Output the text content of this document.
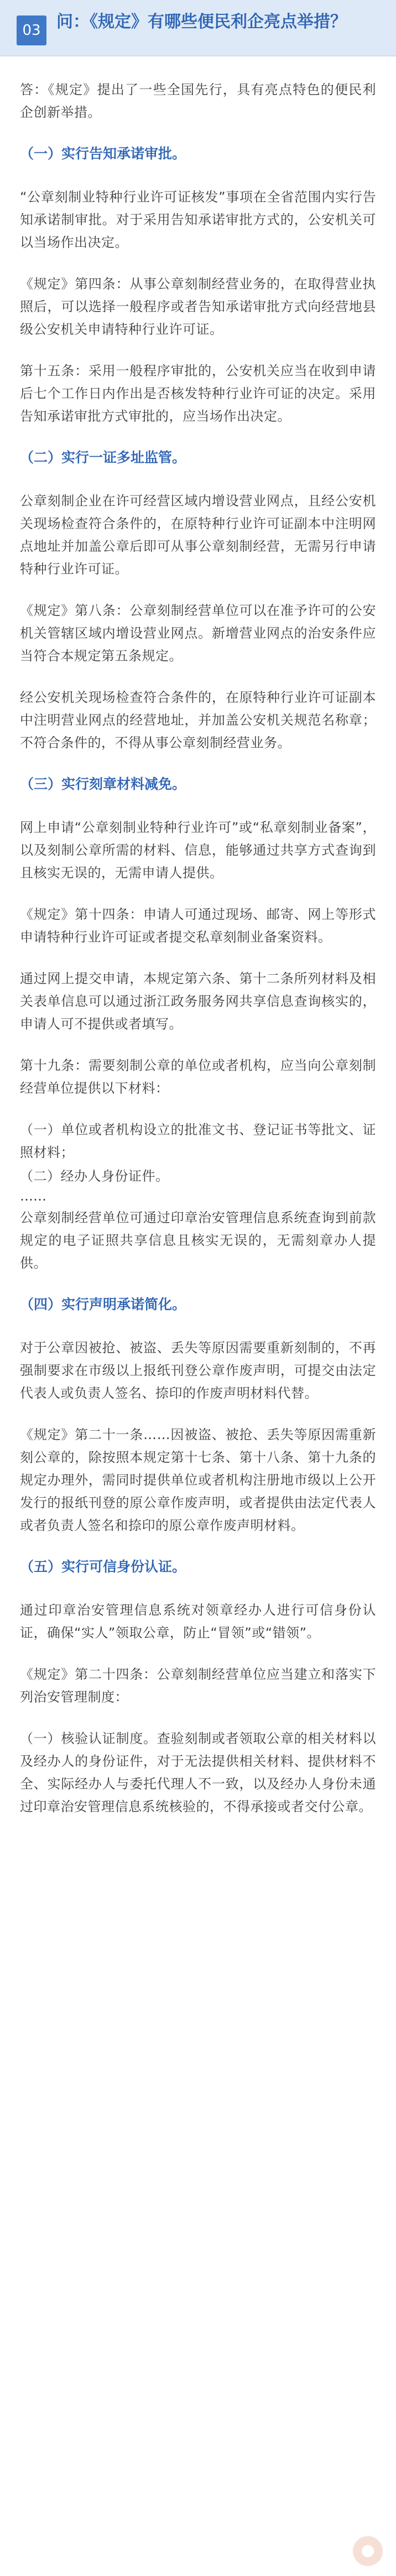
03 问：《规定》有哪些便民利企亮点举措？
答：《规定》提出了一些全国先行，具有亮点特色的便民利企创新举措。
（一）实行告知承诺审批。
“公章刻制业特种行业许可证核发”事项在全省范围内实行告知承诺制审批。对于采用告知承诺审批方式的，公安机关可以当场作出决定。
《规定》第四条：从事公章刻制经营业务的，在取得营业执照后，可以选择一般程序或者告知承诺审批方式向经营地县级公安机关申请特种行业许可证。
第十五条：采用一般程序审批的，公安机关应当在收到申请后七个工作日内作出是否核发特种行业许可证的决定。采用告知承诺审批方式审批的，应当场作出决定。
（二）实行一证多址监管。
公章刻制企业在许可经营区域内增设营业网点，且经公安机关现场检查符合条件的，在原特种行业许可证副本中注明网点地址并加盖公章后即可从事公章刻制经营，无需另行申请特种行业许可证。
《规定》第八条：公章刻制经营单位可以在准予许可的公安机关管辖区域内增设营业网点。新增营业网点的治安条件应当符合本规定第五条规定。
经公安机关现场检查符合条件的，在原特种行业许可证副本中注明营业网点的经营地址，并加盖公安机关规范名称章；不符合条件的，不得从事公章刻制经营业务。
（三）实行刻章材料减免。
网上申请“公章刻制业特种行业许可”或“私章刻制业备案”，以及刻制公章所需的材料、信息，能够通过共享方式查询到且核实无误的，无需申请人提供。
《规定》第十四条：申请人可通过现场、邮寄、网上等形式申请特种行业许可证或者提交私章刻制业备案资料。
通过网上提交申请，本规定第六条、第十二条所列材料及相关表单信息可以通过浙江政务服务网共享信息查询核实的，申请人可不提供或者填写。
第十九条：需要刻制公章的单位或者机构，应当向公章刻制经营单位提供以下材料：
（一）单位或者机构设立的批准文书、登记证书等批文、证照材料；
（二）经办人身份证件。
……
公章刻制经营单位可通过印章治安管理信息系统查询到前款规定的电子证照共享信息且核实无误的，无需刻章办人提供。
（四）实行声明承诺简化。
对于公章因被抢、被盗、丢失等原因需要重新刻制的，不再强制要求在市级以上报纸刊登公章作废声明，可提交由法定代表人或负责人签名、捺印的作废声明材料代替。
《规定》第二十一条……因被盗、被抢、丢失等原因需重新刻公章的，除按照本规定第十七条、第十八条、第十九条的规定办理外，需同时提供单位或者机构注册地市级以上公开发行的报纸刊登的原公章作废声明，或者提供由法定代表人或者负责人签名和捺印的原公章作废声明材料。
（五）实行可信身份认证。
通过印章治安管理信息系统对领章经办人进行可信身份认证，确保“实人”领取公章，防止“冒领”或“错领”。
《规定》第二十四条：公章刻制经营单位应当建立和落实下列治安管理制度：
（一）核验认证制度。查验刻制或者领取公章的相关材料以及经办人的身份证件，对于无法提供相关材料、提供材料不全、实际经办人与委托代理人不一致，以及经办人身份未通过印章治安管理信息系统核验的，不得承接或者交付公章。
